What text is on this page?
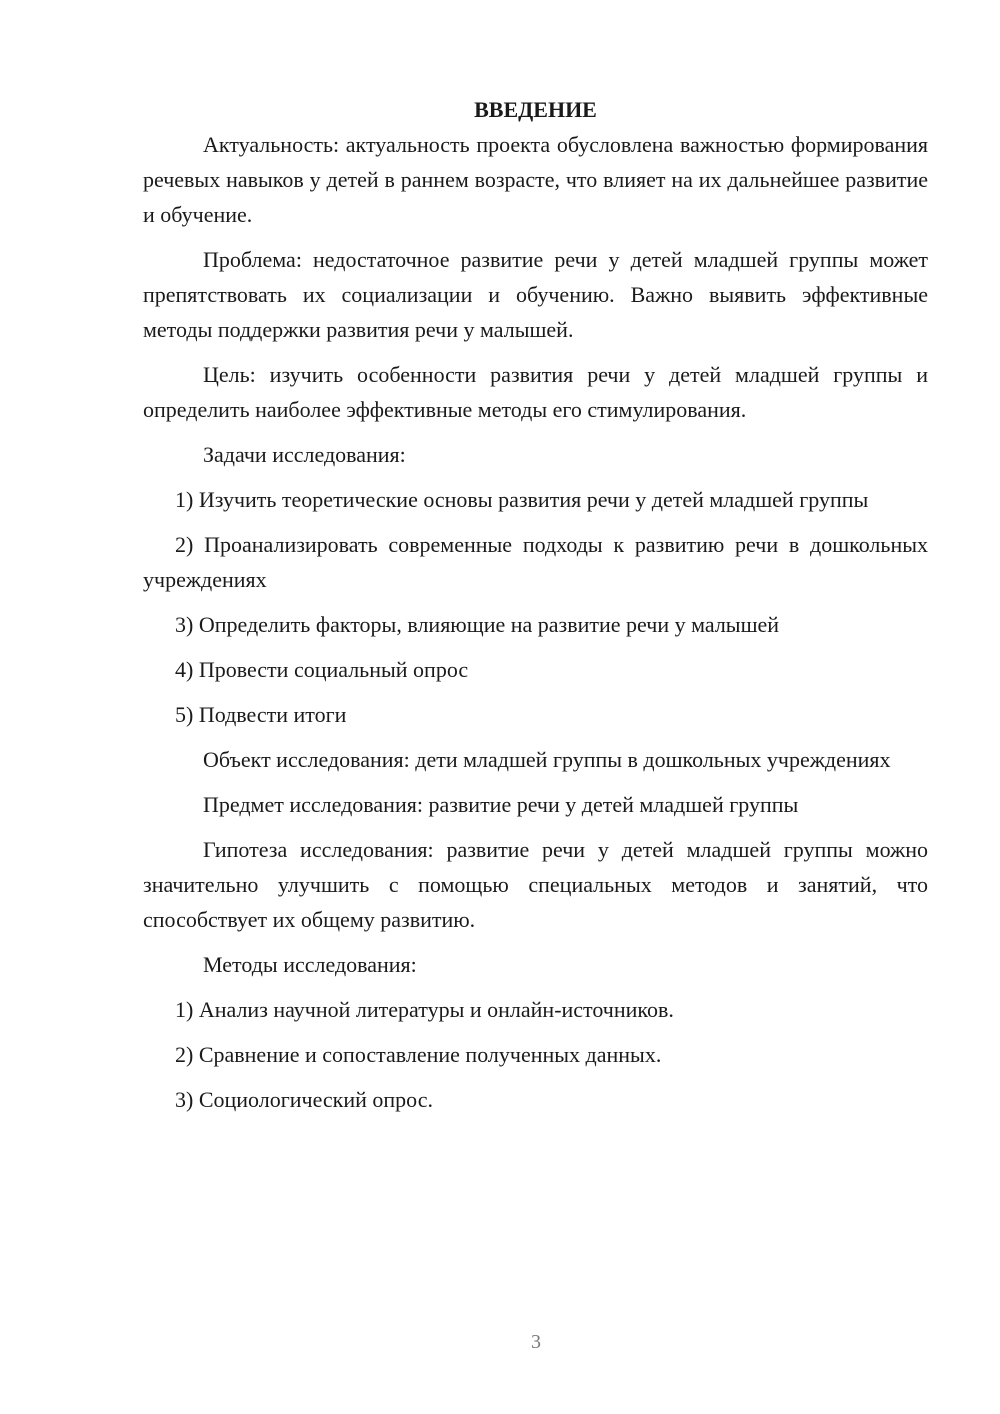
ВВЕДЕНИЕ

Актуальность: актуальность проекта обусловлена важностью формирования речевых навыков у детей в раннем возрасте, что влияет на их дальнейшее развитие и обучение.

Проблема: недостаточное развитие речи у детей младшей группы может препятствовать их социализации и обучению. Важно выявить эффективные методы поддержки развития речи у малышей.

Цель: изучить особенности развития речи у детей младшей группы и определить наиболее эффективные методы его стимулирования.

Задачи исследования:

1) Изучить теоретические основы развития речи у детей младшей группы

2) Проанализировать современные подходы к развитию речи в дошкольных учреждениях

3) Определить факторы, влияющие на развитие речи у малышей

4) Провести социальный опрос

5) Подвести итоги

Объект исследования: дети младшей группы в дошкольных учреждениях

Предмет исследования: развитие речи у детей младшей группы

Гипотеза исследования: развитие речи у детей младшей группы можно значительно улучшить с помощью специальных методов и занятий, что способствует их общему развитию.

Методы исследования:

1) Анализ научной литературы и онлайн-источников.

2) Сравнение и сопоставление полученных данных.

3) Социологический опрос.

3
